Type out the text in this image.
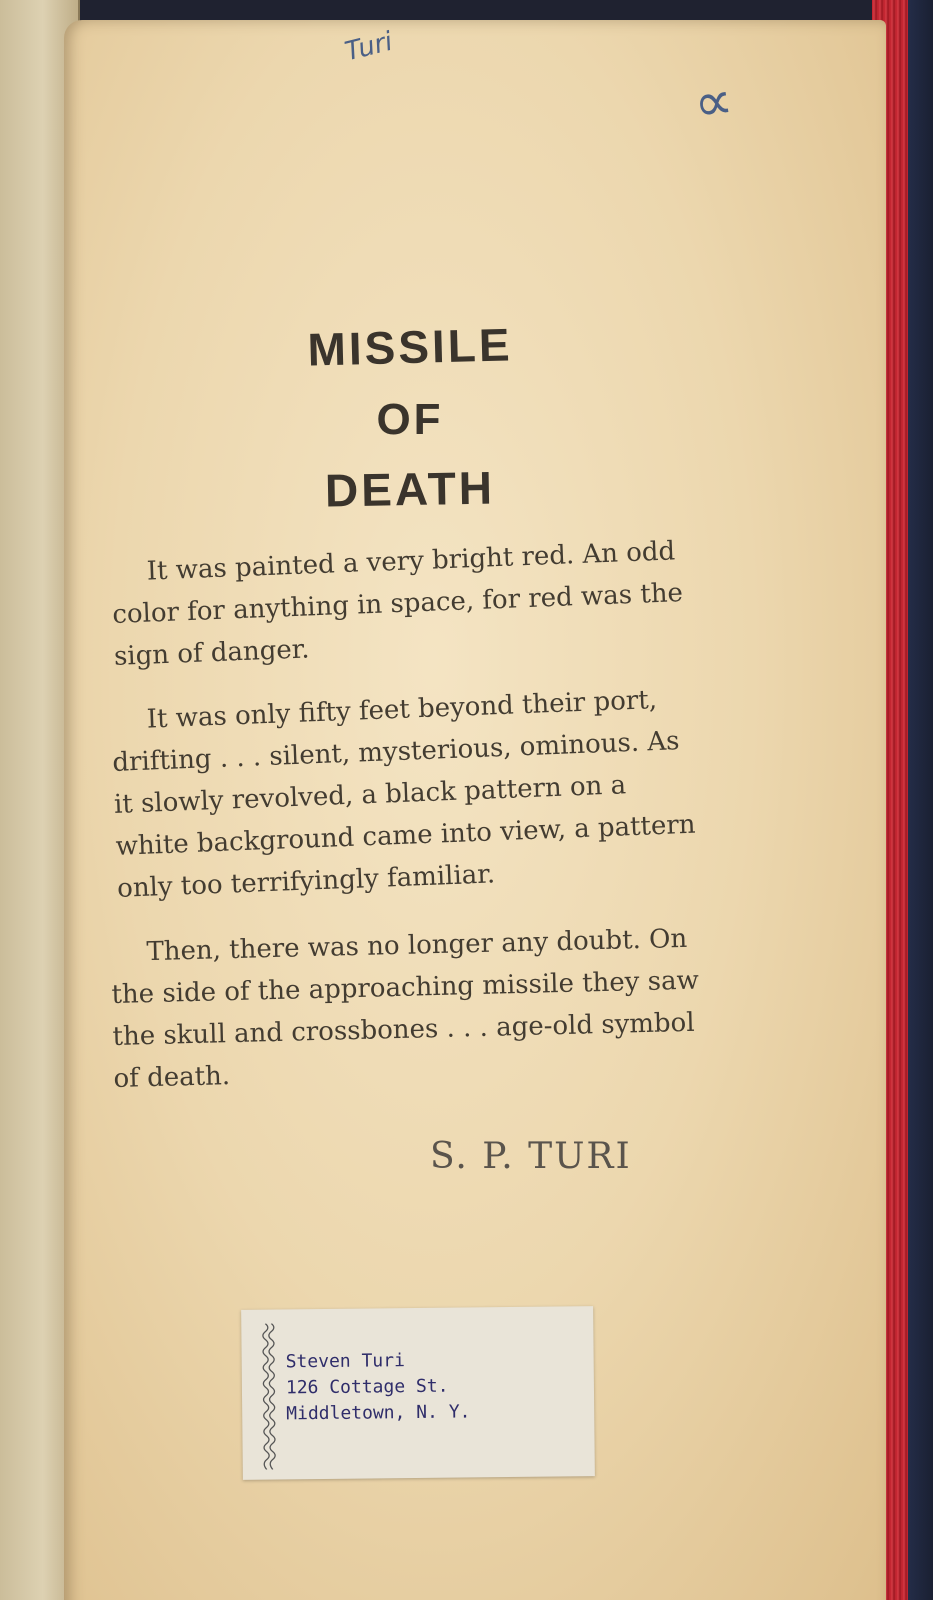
Turi
∝
MISSILE
OF
DEATH

It was painted a very bright red. An odd color for anything in space, for red was the sign of danger.

It was only fifty feet beyond their port, drifting . . . silent, mysterious, ominous. As it slowly revolved, a black pattern on a white background came into view, a pattern only too terrifyingly familiar.

Then, there was no longer any doubt. On the side of the approaching missile they saw the skull and crossbones . . . age-old symbol of death.

S. P. TURI
Steven Turi
126 Cottage St.
Middletown, N. Y.
